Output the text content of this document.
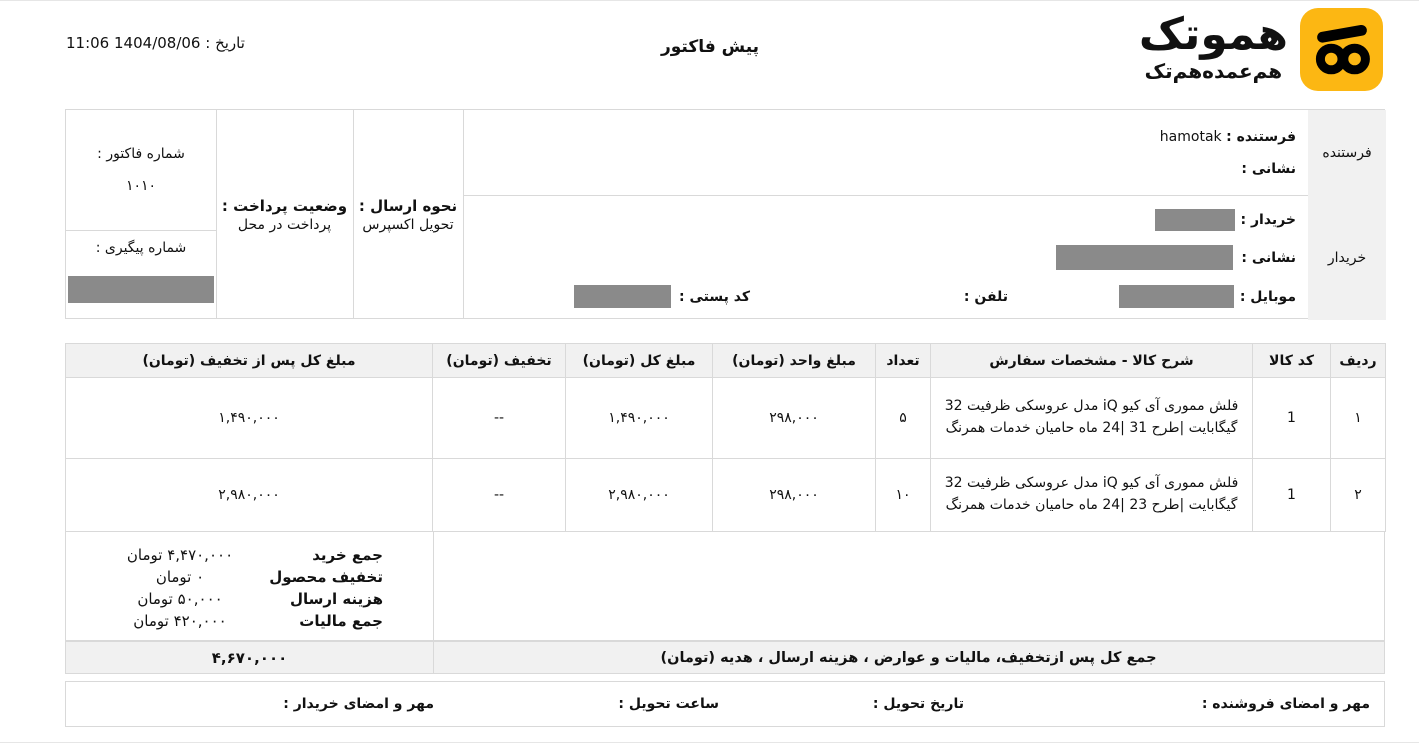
تاریخ : 1404/08/06 11:06	پیش فاکتور	هموتک
هم‌عمده‌هم‌تک
شماره فاکتور :
۱۰۱۰
شماره پیگیری :
وضعیت پرداخت :
پرداخت در محل
نحوه ارسال :
تحویل اکسپرس
فرستنده : hamotak
نشانی :
خریدار :
نشانی :
موبایل :
تلفن :
کد پستی :
فرستنده
خریدار
ردیف	کد کالا	شرح کالا - مشخصات سفارش	تعداد	مبلغ واحد (تومان)	مبلغ کل (تومان)	تخفیف (تومان)	مبلغ کل پس از تخفیف (تومان)
۱	1	فلش مموری آی کیو iQ مدل عروسکی ظرفیت 32 گیگابایت |طرح 31 |24 ماه حامیان خدمات همرنگ	۵	۲۹۸,۰۰۰	۱,۴۹۰,۰۰۰	--	۱,۴۹۰,۰۰۰
۲	1	فلش مموری آی کیو iQ مدل عروسکی ظرفیت 32 گیگابایت |طرح 23 |24 ماه حامیان خدمات همرنگ	۱۰	۲۹۸,۰۰۰	۲,۹۸۰,۰۰۰	--	۲,۹۸۰,۰۰۰
جمع خرید
۴,۴۷۰,۰۰۰ تومان
تخفیف محصول
۰ تومان
هزینه ارسال
۵۰,۰۰۰ تومان
جمع مالیات
۴۲۰,۰۰۰ تومان
۴,۶۷۰,۰۰۰	جمع کل پس ازتخفیف، مالیات و عوارض ، هزینه ارسال ، هدیه (تومان)
مهر و امضای فروشنده :
تاریخ تحویل :
ساعت تحویل :
مهر و امضای خریدار :
